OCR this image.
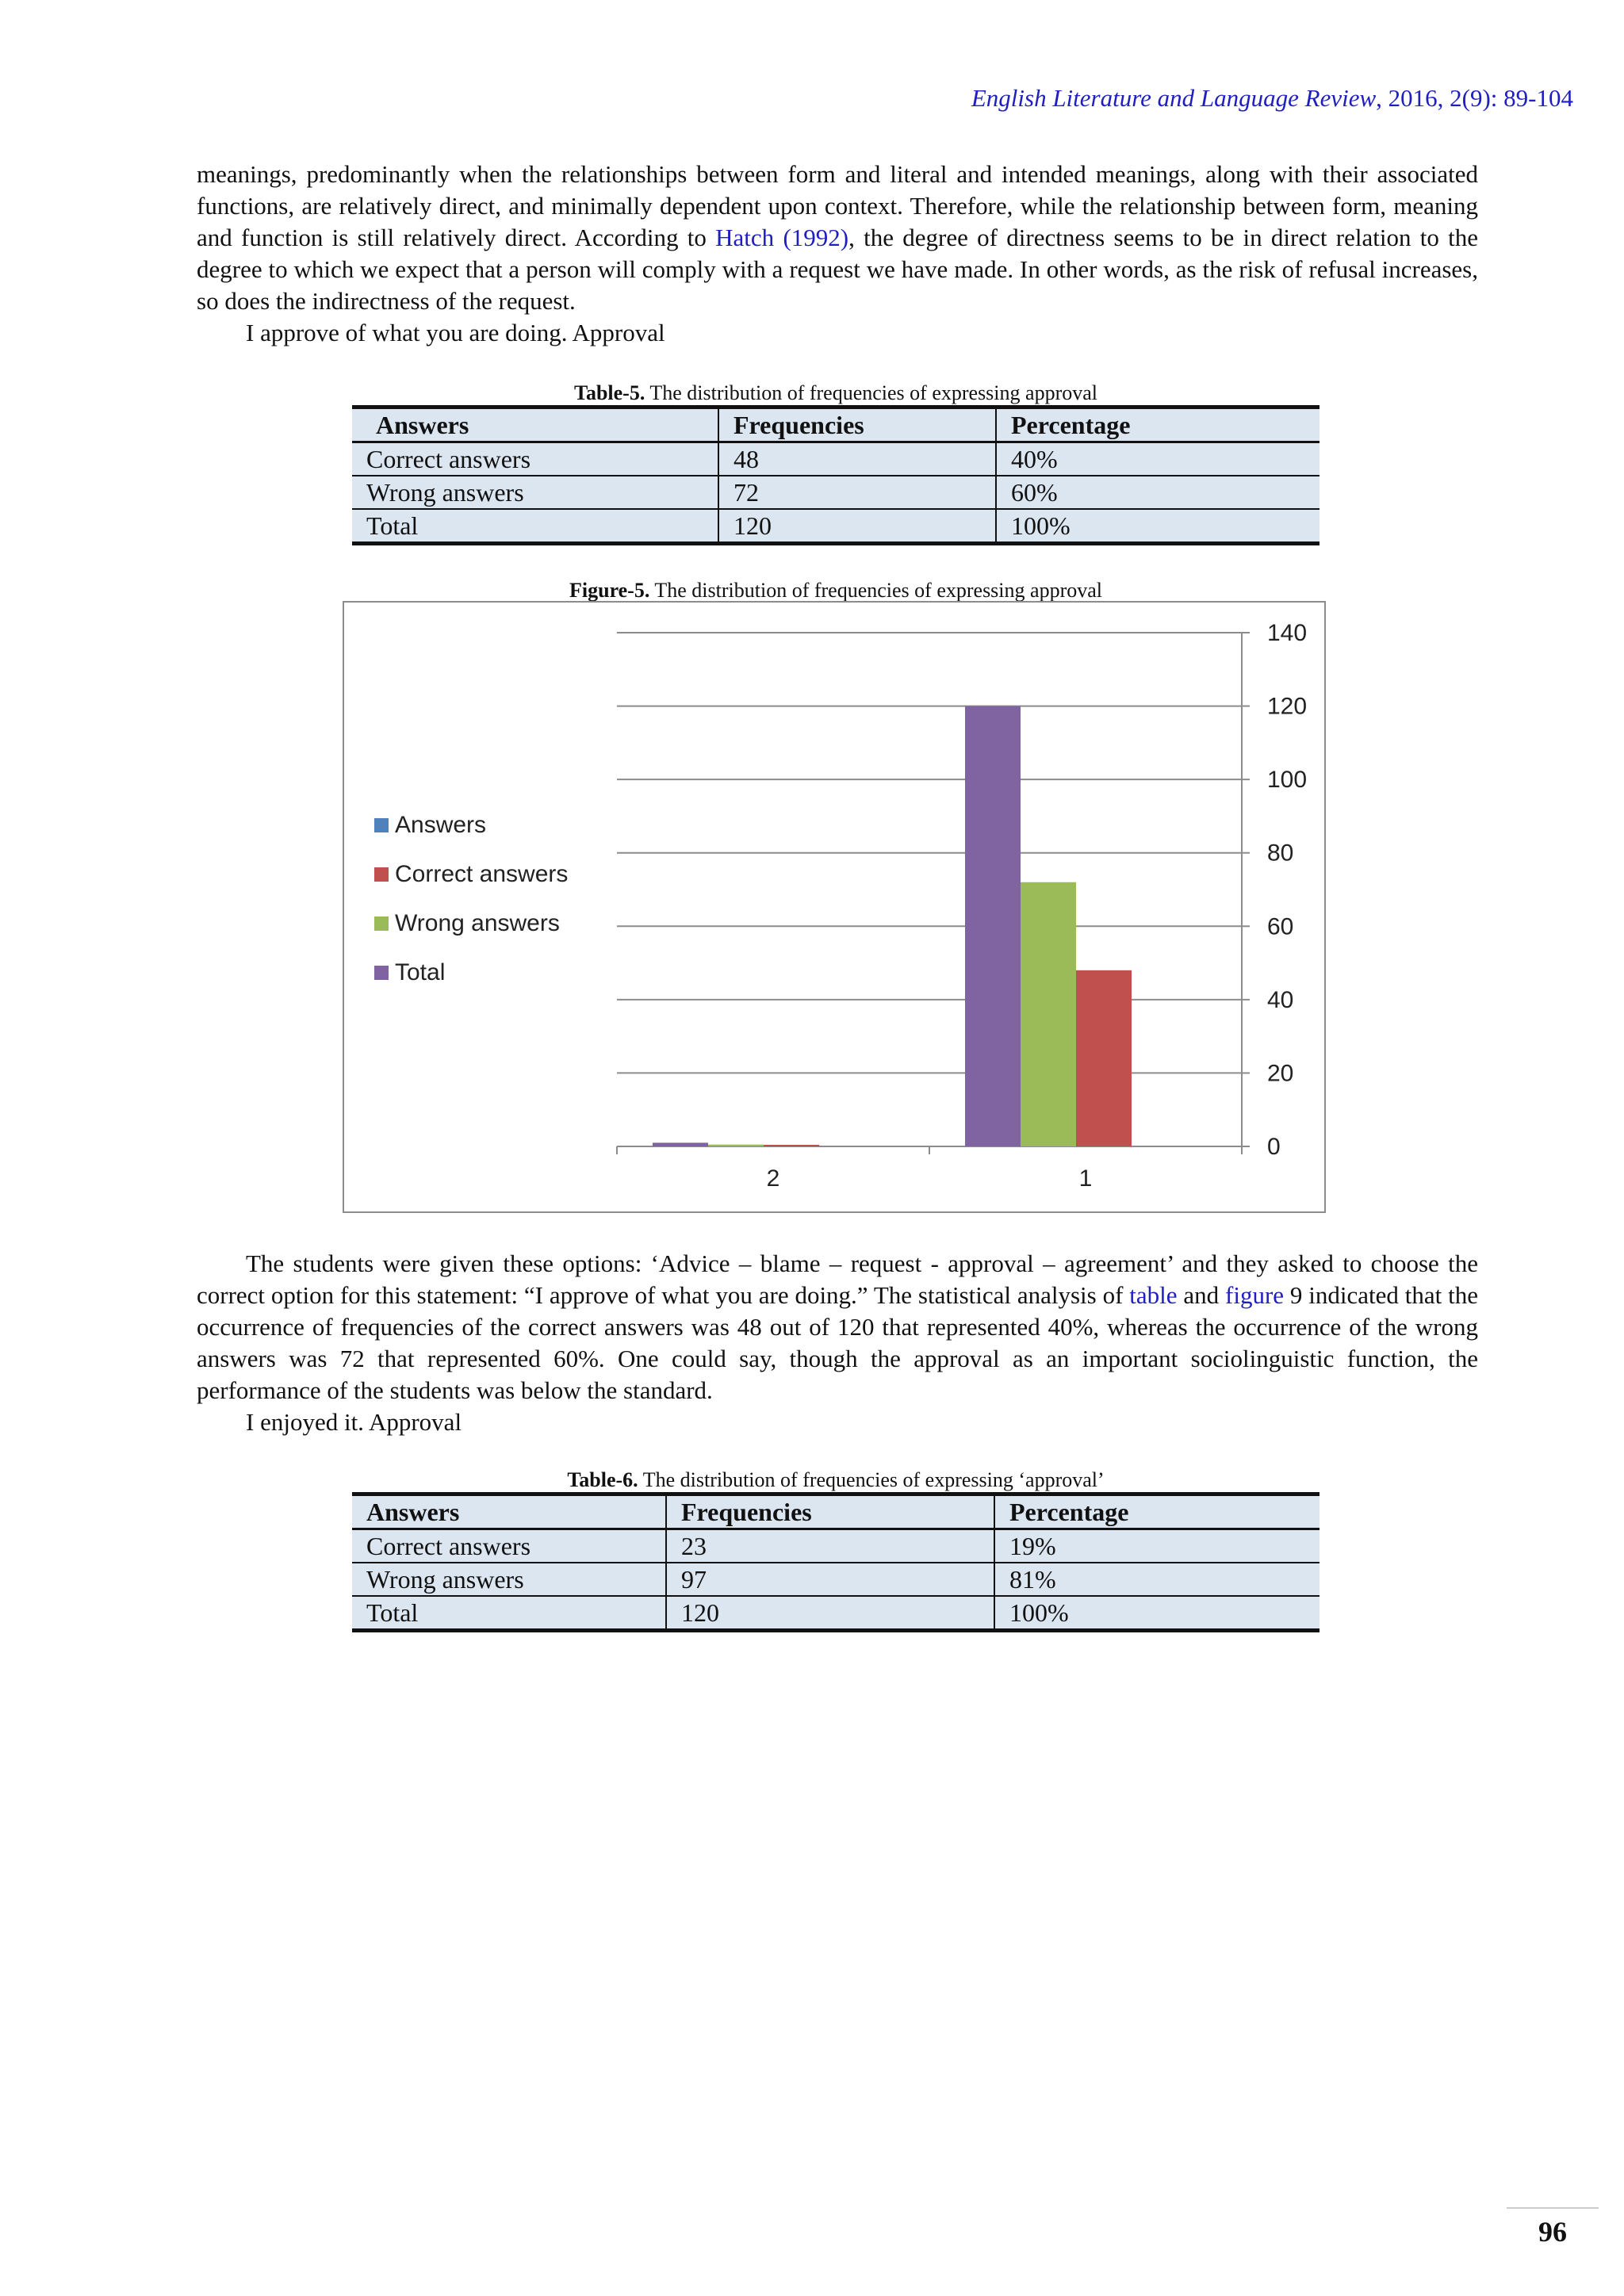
English Literature and Language Review, 2016, 2(9): 89-104

meanings, predominantly when the relationships between form and literal and intended meanings, along with their associated functions, are relatively direct, and minimally dependent upon context. Therefore, while the relationship between form, meaning and function is still relatively direct. According to Hatch (1992), the degree of directness seems to be in direct relation to the degree to which we expect that a person will comply with a request we have made. In other words, as the risk of refusal increases, so does the indirectness of the request.

I approve of what you are doing. Approval

Table-5. The distribution of frequencies of expressing approval
Answers	Frequencies	Percentage
Correct answers	48	40%
Wrong answers	72	60%
Total	120	100%
Figure-5. The distribution of frequencies of expressing approval
0
20
40
60
80
100
120
140
2	1
Answers
Correct answers
Wrong answers
Total

The students were given these options: ‘Advice – blame – request - approval – agreement’ and they asked to choose the correct option for this statement: “I approve of what you are doing.” The statistical analysis of table and figure 9 indicated that the occurrence of frequencies of the correct answers was 48 out of 120 that represented 40%, whereas the occurrence of the wrong answers was 72 that represented 60%. One could say, though the approval as an important sociolinguistic function, the performance of the students was below the standard.

I enjoyed it. Approval

Table-6. The distribution of frequencies of expressing ‘approval’
Answers	Frequencies	Percentage
Correct answers	23	19%
Wrong answers	97	81%
Total	120	100%
96
